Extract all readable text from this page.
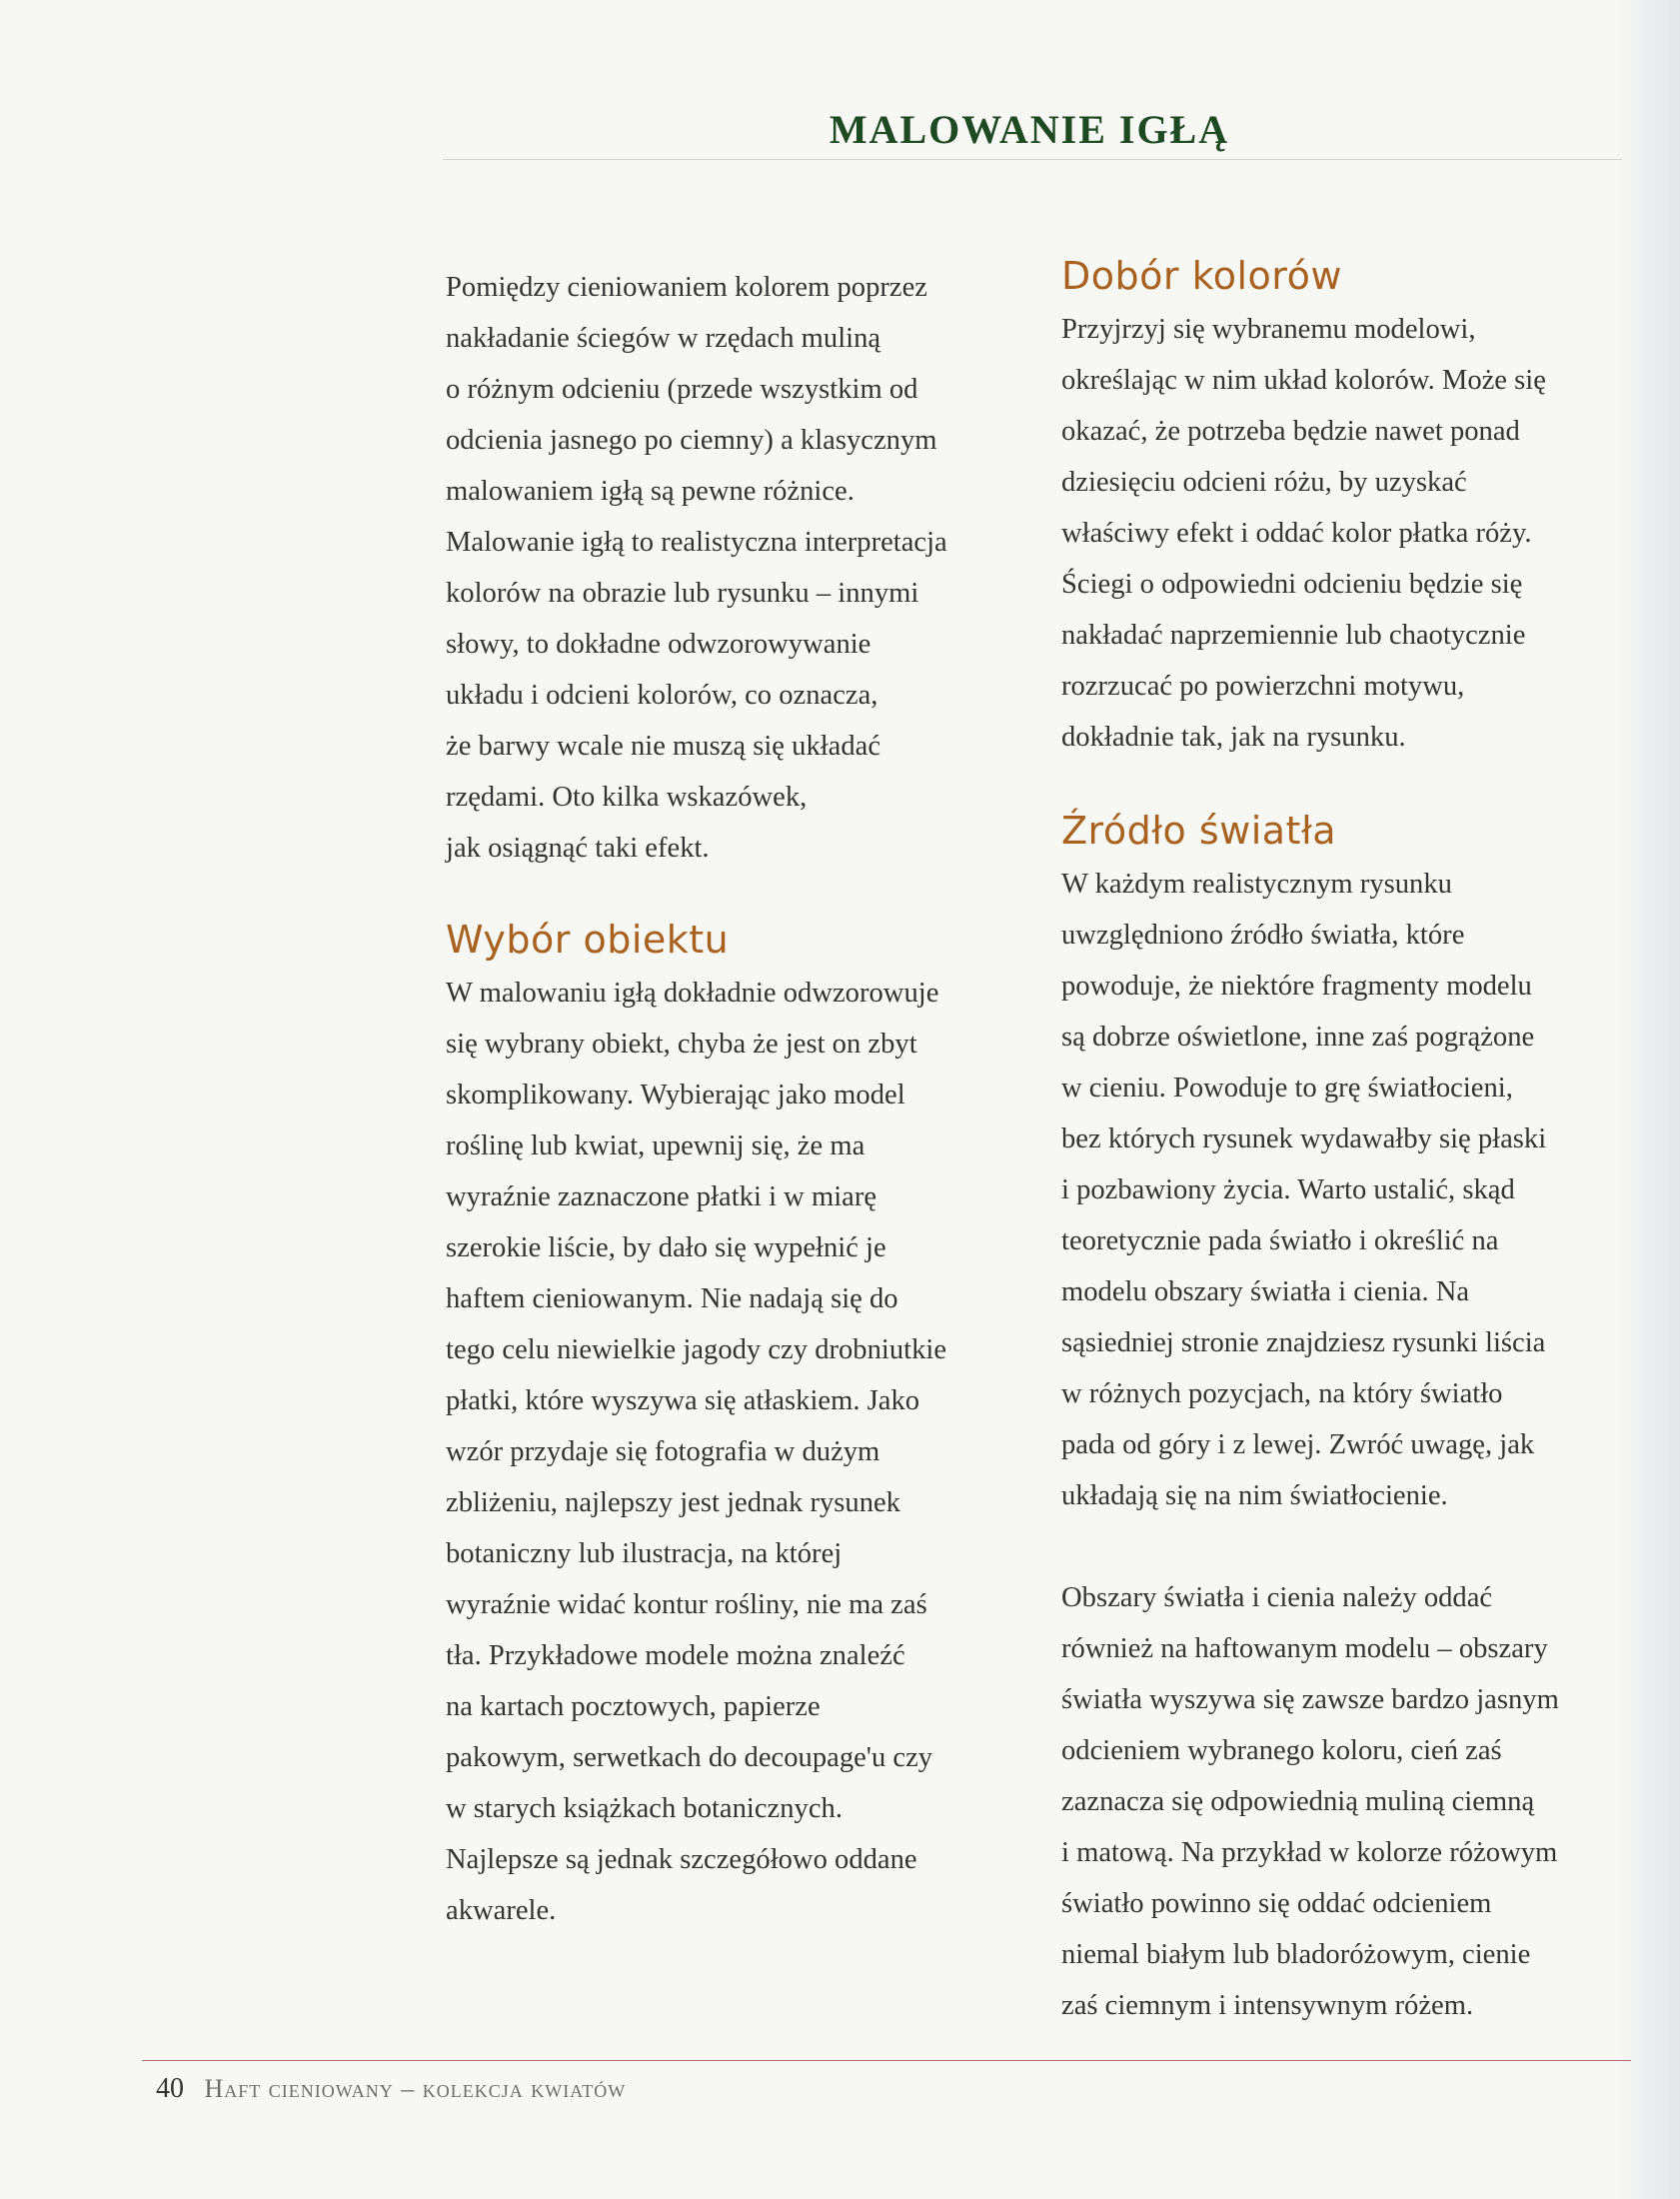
MALOWANIE IGŁĄ

Pomiędzy cieniowaniem kolorem poprzez
nakładanie ściegów w rzędach muliną
o różnym odcieniu (przede wszystkim od
odcienia jasnego po ciemny) a klasycznym
malowaniem igłą są pewne różnice.
Malowanie igłą to realistyczna interpretacja
kolorów na obrazie lub rysunku – innymi
słowy, to dokładne odwzorowywanie
układu i odcieni kolorów, co oznacza,
że barwy wcale nie muszą się układać
rzędami. Oto kilka wskazówek,
jak osiągnąć taki efekt.

Wybór obiektu

W malowaniu igłą dokładnie odwzorowuje
się wybrany obiekt, chyba że jest on zbyt
skomplikowany. Wybierając jako model
roślinę lub kwiat, upewnij się, że ma
wyraźnie zaznaczone płatki i w miarę
szerokie liście, by dało się wypełnić je
haftem cieniowanym. Nie nadają się do
tego celu niewielkie jagody czy drobniutkie
płatki, które wyszywa się atłaskiem. Jako
wzór przydaje się fotografia w dużym
zbliżeniu, najlepszy jest jednak rysunek
botaniczny lub ilustracja, na której
wyraźnie widać kontur rośliny, nie ma zaś
tła. Przykładowe modele można znaleźć
na kartach pocztowych, papierze
pakowym, serwetkach do decoupage'u czy
w starych książkach botanicznych.
Najlepsze są jednak szczegółowo oddane
akwarele.

Dobór kolorów

Przyjrzyj się wybranemu modelowi,
określając w nim układ kolorów. Może się
okazać, że potrzeba będzie nawet ponad
dziesięciu odcieni różu, by uzyskać
właściwy efekt i oddać kolor płatka róży.
Ściegi o odpowiedni odcieniu będzie się
nakładać naprzemiennie lub chaotycznie
rozrzucać po powierzchni motywu,
dokładnie tak, jak na rysunku.

Źródło światła

W każdym realistycznym rysunku
uwzględniono źródło światła, które
powoduje, że niektóre fragmenty modelu
są dobrze oświetlone, inne zaś pogrążone
w cieniu. Powoduje to grę światłocieni,
bez których rysunek wydawałby się płaski
i pozbawiony życia. Warto ustalić, skąd
teoretycznie pada światło i określić na
modelu obszary światła i cienia. Na
sąsiedniej stronie znajdziesz rysunki liścia
w różnych pozycjach, na który światło
pada od góry i z lewej. Zwróć uwagę, jak
układają się na nim światłocienie.

Obszary światła i cienia należy oddać
również na haftowanym modelu – obszary
światła wyszywa się zawsze bardzo jasnym
odcieniem wybranego koloru, cień zaś
zaznacza się odpowiednią muliną ciemną
i matową. Na przykład w kolorze różowym
światło powinno się oddać odcieniem
niemal białym lub bladoróżowym, cienie
zaś ciemnym i intensywnym różem.

40 Haft cieniowany – kolekcja kwiatów
